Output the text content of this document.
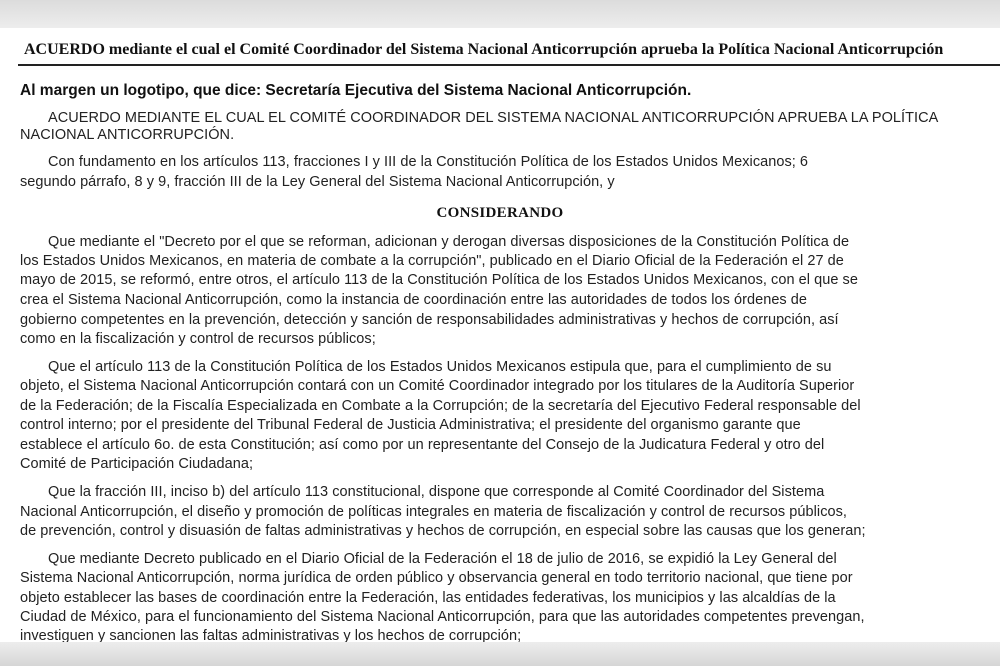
ACUERDO mediante el cual el Comité Coordinador del Sistema Nacional Anticorrupción aprueba la Política Nacional Anticorrupción
Al margen un logotipo, que dice: Secretaría Ejecutiva del Sistema Nacional Anticorrupción.
ACUERDO MEDIANTE EL CUAL EL COMITÉ COORDINADOR DEL SISTEMA NACIONAL ANTICORRUPCIÓN APRUEBA LA POLÍTICA
NACIONAL ANTICORRUPCIÓN.
Con fundamento en los artículos 113, fracciones I y III de la Constitución Política de los Estados Unidos Mexicanos; 6
segundo párrafo, 8 y 9, fracción III de la Ley General del Sistema Nacional Anticorrupción, y
CONSIDERANDO
Que mediante el "Decreto por el que se reforman, adicionan y derogan diversas disposiciones de la Constitución Política de
los Estados Unidos Mexicanos, en materia de combate a la corrupción", publicado en el Diario Oficial de la Federación el 27 de
mayo de 2015, se reformó, entre otros, el artículo 113 de la Constitución Política de los Estados Unidos Mexicanos, con el que se
crea el Sistema Nacional Anticorrupción, como la instancia de coordinación entre las autoridades de todos los órdenes de
gobierno competentes en la prevención, detección y sanción de responsabilidades administrativas y hechos de corrupción, así
como en la fiscalización y control de recursos públicos;
Que el artículo 113 de la Constitución Política de los Estados Unidos Mexicanos estipula que, para el cumplimiento de su
objeto, el Sistema Nacional Anticorrupción contará con un Comité Coordinador integrado por los titulares de la Auditoría Superior
de la Federación; de la Fiscalía Especializada en Combate a la Corrupción; de la secretaría del Ejecutivo Federal responsable del
control interno; por el presidente del Tribunal Federal de Justicia Administrativa; el presidente del organismo garante que
establece el artículo 6o. de esta Constitución; así como por un representante del Consejo de la Judicatura Federal y otro del
Comité de Participación Ciudadana;
Que la fracción III, inciso b) del artículo 113 constitucional, dispone que corresponde al Comité Coordinador del Sistema
Nacional Anticorrupción, el diseño y promoción de políticas integrales en materia de fiscalización y control de recursos públicos,
de prevención, control y disuasión de faltas administrativas y hechos de corrupción, en especial sobre las causas que los generan;
Que mediante Decreto publicado en el Diario Oficial de la Federación el 18 de julio de 2016, se expidió la Ley General del
Sistema Nacional Anticorrupción, norma jurídica de orden público y observancia general en todo territorio nacional, que tiene por
objeto establecer las bases de coordinación entre la Federación, las entidades federativas, los municipios y las alcaldías de la
Ciudad de México, para el funcionamiento del Sistema Nacional Anticorrupción, para que las autoridades competentes prevengan,
investiguen y sancionen las faltas administrativas y los hechos de corrupción;
